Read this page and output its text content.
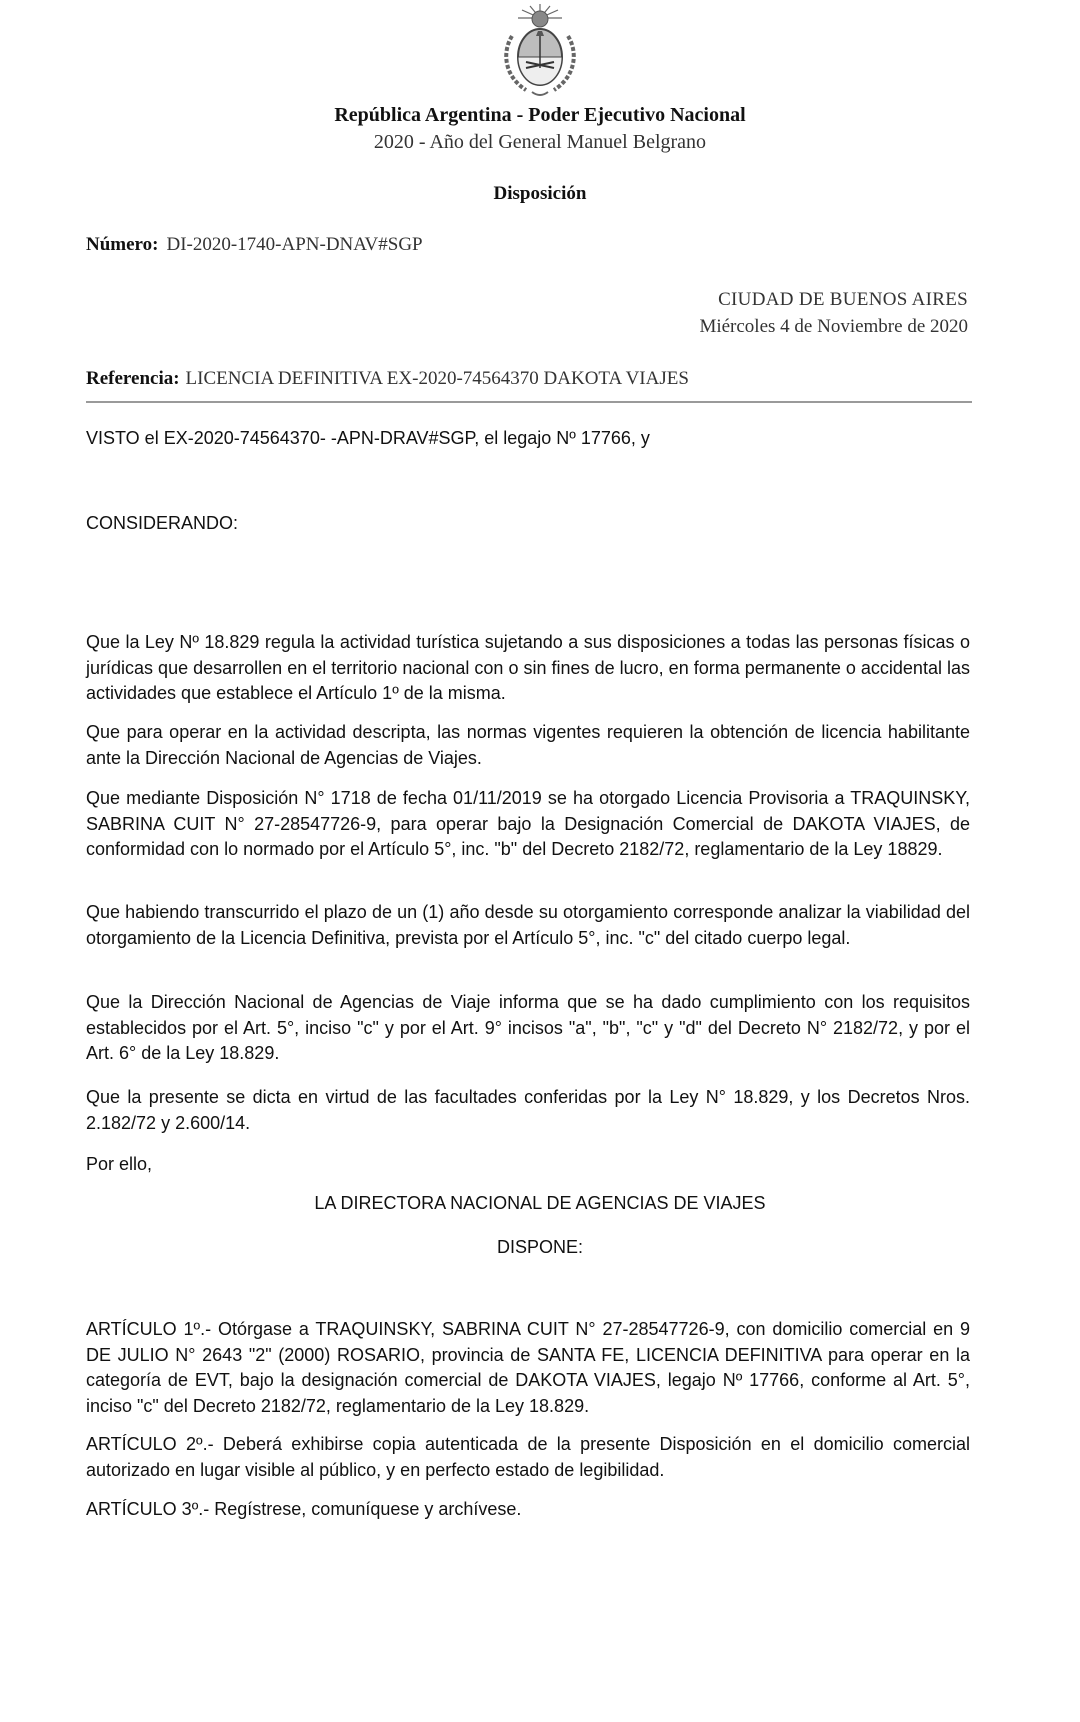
República Argentina - Poder Ejecutivo Nacional
2020 - Año del General Manuel Belgrano
Disposición
Número: DI-2020-1740-APN-DNAV#SGP
CIUDAD DE BUENOS AIRES
Miércoles 4 de Noviembre de 2020
Referencia: LICENCIA DEFINITIVA EX-2020-74564370 DAKOTA VIAJES
VISTO el EX-2020-74564370- -APN-DRAV#SGP, el legajo Nº 17766, y
CONSIDERANDO:
Que la Ley Nº 18.829 regula la actividad turística sujetando a sus disposiciones a todas las personas físicas o jurídicas que desarrollen en el territorio nacional con o sin fines de lucro, en forma permanente o accidental las actividades que establece el Artículo 1º de la misma.
Que para operar en la actividad descripta, las normas vigentes requieren la obtención de licencia habilitante ante la Dirección Nacional de Agencias de Viajes.
Que mediante Disposición N° 1718 de fecha 01/11/2019 se ha otorgado Licencia Provisoria a TRAQUINSKY, SABRINA CUIT N° 27-28547726-9, para operar bajo la Designación Comercial de DAKOTA VIAJES, de conformidad con lo normado por el Artículo 5°, inc. "b" del Decreto 2182/72, reglamentario de la Ley 18829.
Que habiendo transcurrido el plazo de un (1) año desde su otorgamiento corresponde analizar la viabilidad del otorgamiento de la Licencia Definitiva, prevista por el Artículo 5°, inc. "c" del citado cuerpo legal.
Que la Dirección Nacional de Agencias de Viaje informa que se ha dado cumplimiento con los requisitos establecidos por el Art. 5°, inciso "c" y por el Art. 9° incisos "a", "b", "c" y "d" del Decreto N° 2182/72, y por el Art. 6° de la Ley 18.829.
Que la presente se dicta en virtud de las facultades conferidas por la Ley N° 18.829, y los Decretos Nros. 2.182/72 y 2.600/14.
Por ello,
LA DIRECTORA NACIONAL DE AGENCIAS DE VIAJES
DISPONE:
ARTÍCULO 1º.- Otórgase a TRAQUINSKY, SABRINA CUIT N° 27-28547726-9, con domicilio comercial en 9 DE JULIO N° 2643 "2" (2000) ROSARIO, provincia de SANTA FE, LICENCIA DEFINITIVA para operar en la categoría de EVT, bajo la designación comercial de DAKOTA VIAJES, legajo Nº 17766, conforme al Art. 5°, inciso "c" del Decreto 2182/72, reglamentario de la Ley 18.829.
ARTÍCULO 2º.- Deberá exhibirse copia autenticada de la presente Disposición en el domicilio comercial autorizado en lugar visible al público, y en perfecto estado de legibilidad.
ARTÍCULO 3º.- Regístrese, comuníquese y archívese.
